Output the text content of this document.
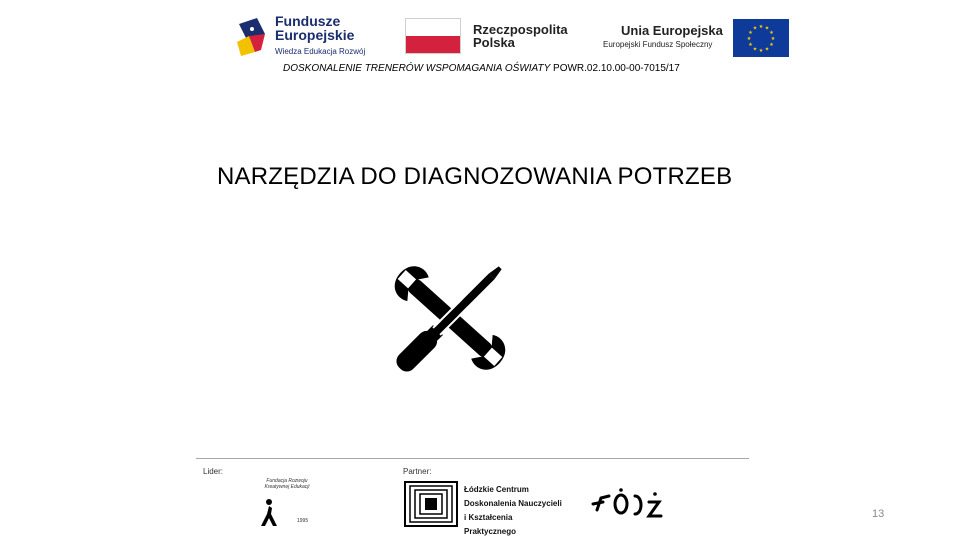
Fundusze
Europejskie
Wiedza Edukacja Rozwój
Rzeczpospolita
Polska
Unia Europejska
Europejski Fundusz Społeczny
★ ★
★
★
★
★
★
★
★
★
★
★
DOSKONALENIE TRENERÓW WSPOMAGANIA OŚWIATY POWR.02.10.00-00-7015/17
NARZĘDZIA DO DIAGNOZOWANIA POTRZEB
Lider:	Partner:
Fundacja Rozwoju
Kreatywnej Edukacji
1995
Łódzkie Centrum
Doskonalenia Nauczycieli
i Kształcenia Praktycznego
13
